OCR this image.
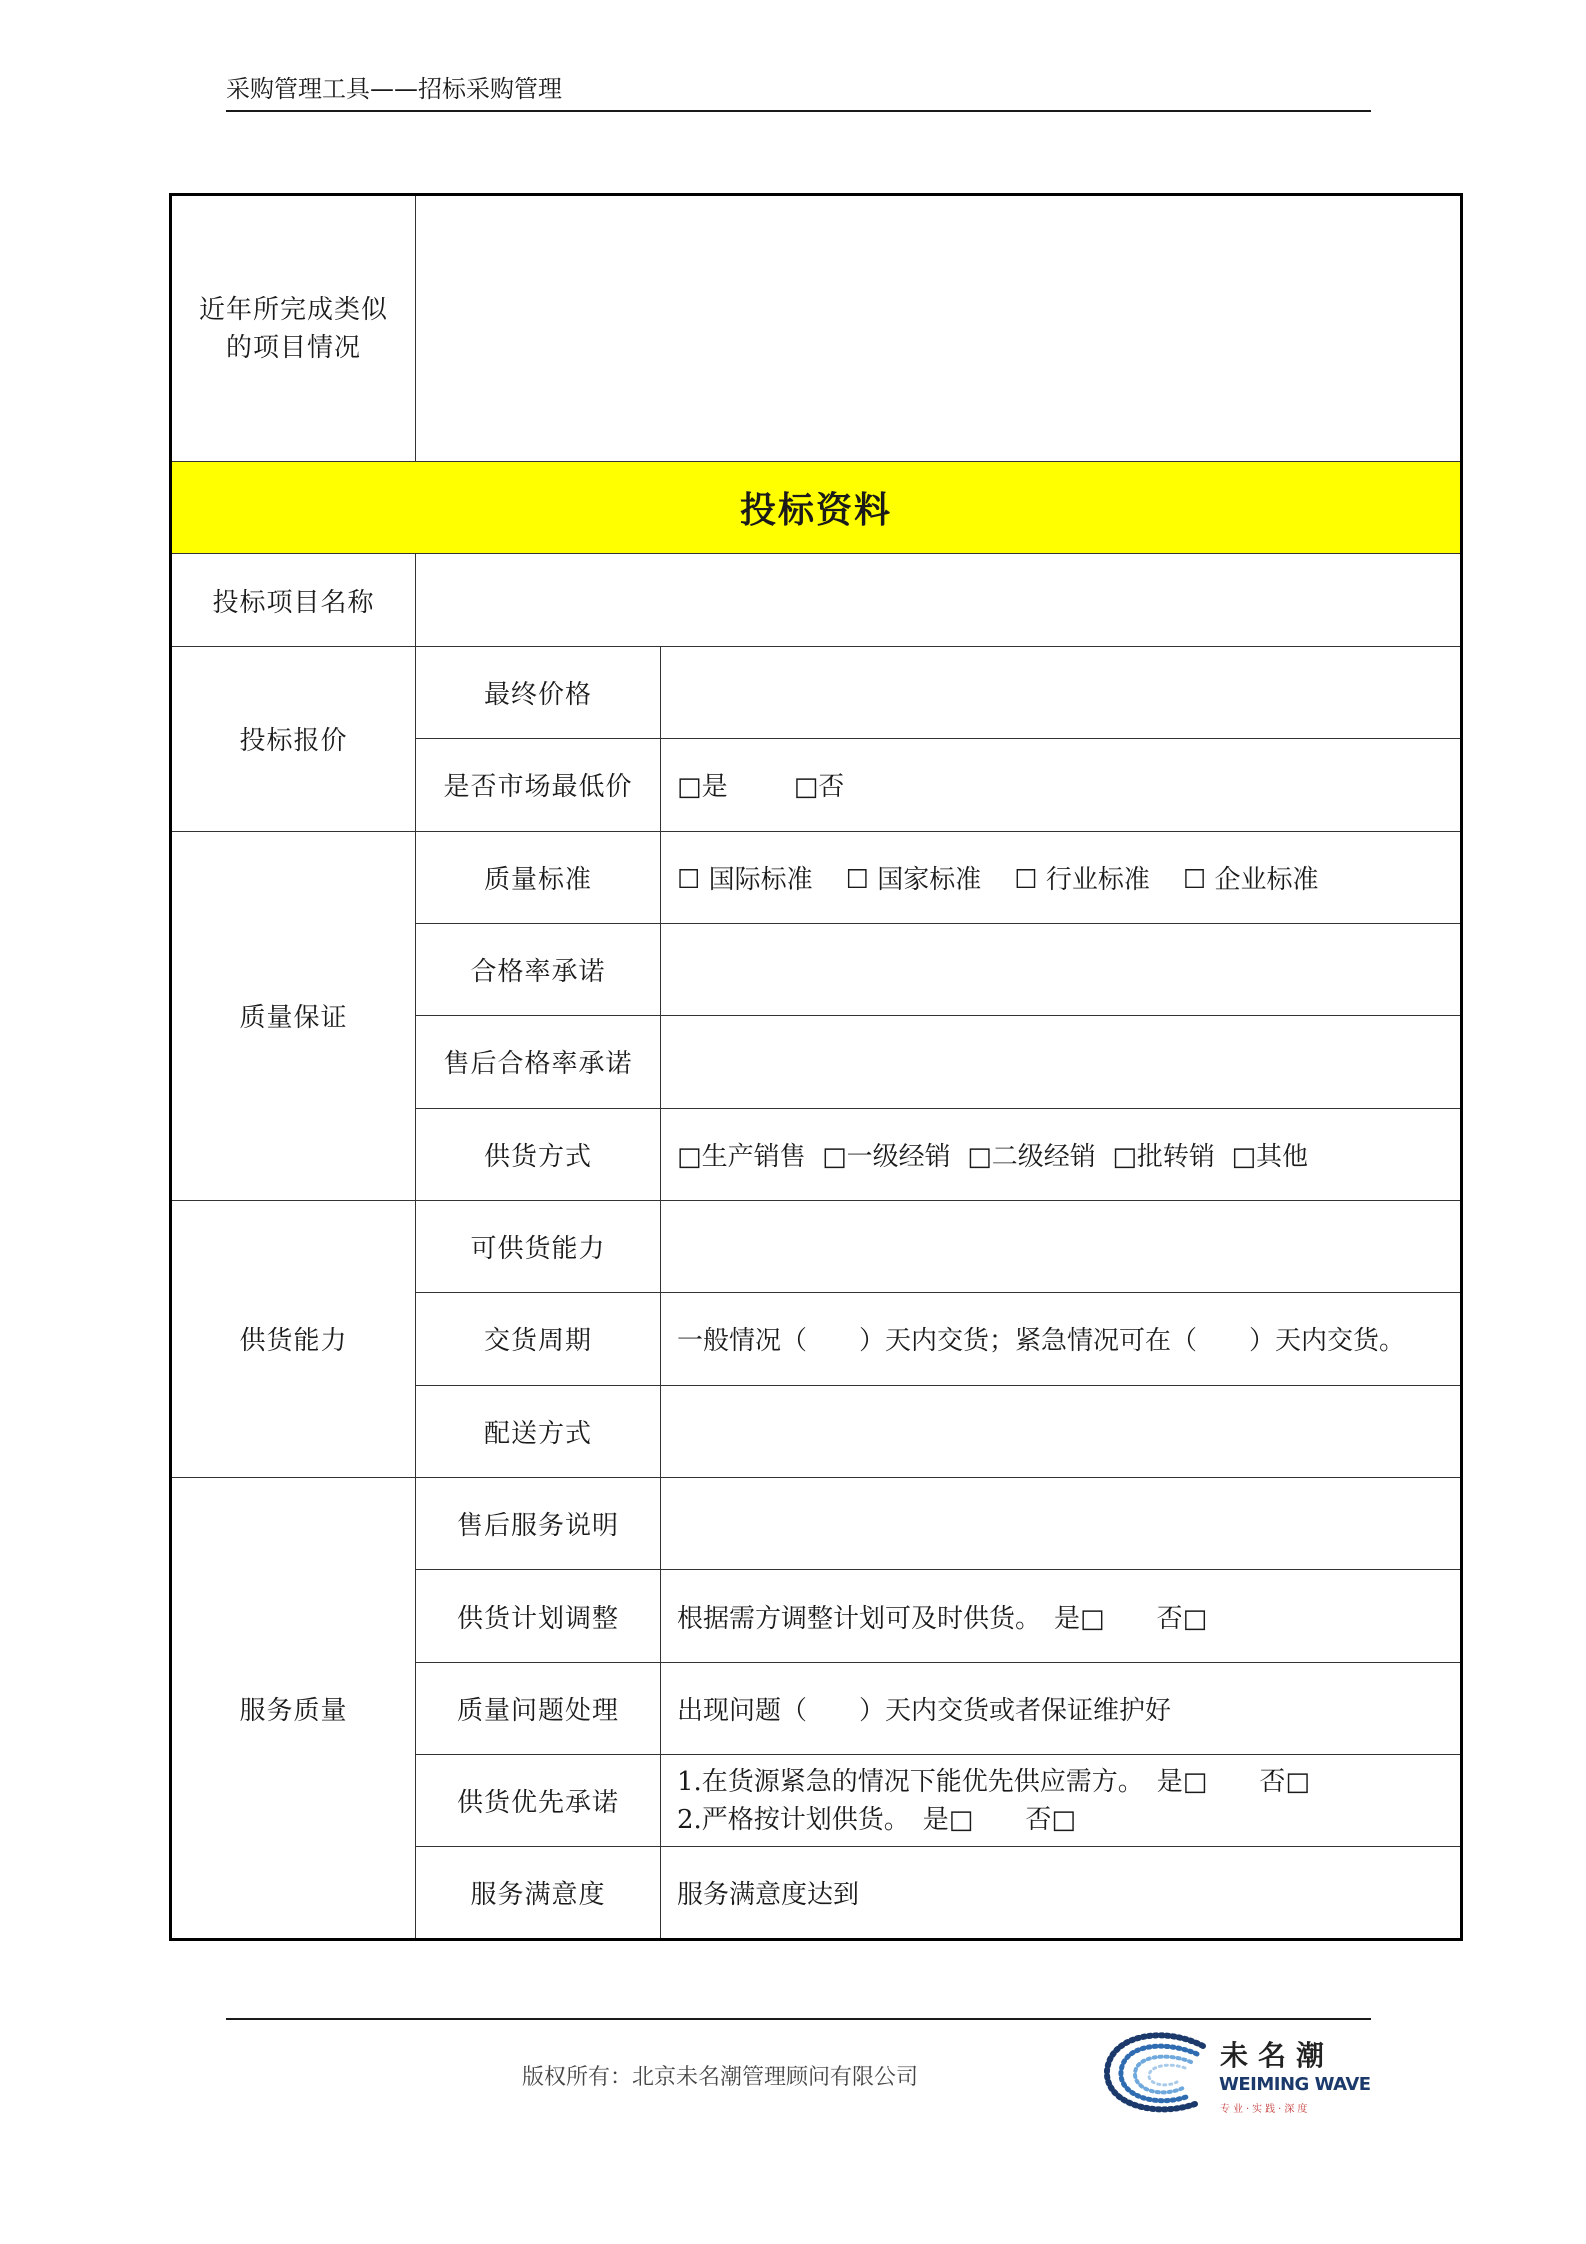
采购管理工具——招标采购管理
近年所完成类似
的项目情况		

投标资料		
投标项目名称		
投标报价	最终价格	
	是否市场最低价	□是 □否
质量保证	质量标准	☐ 国际标准 ☐ 国家标准 ☐ 行业标准 ☐ 企业标准
	合格率承诺	
	售后合格率承诺	
	供货方式	□生产销售 □一级经销 □二级经销 □批转销 □其他
供货能力	可供货能力	
	交货周期	一般情况（　　）天内交货；紧急情况可在（　　）天内交货。
	配送方式	
服务质量	售后服务说明	
	供货计划调整	根据需方调整计划可及时供货。　是□　　否□
	质量问题处理	出现问题（　　）天内交货或者保证维护好
	供货优先承诺	1.在货源紧急的情况下能优先供应需方。　是□　　否□
2.严格按计划供货。　是□　　否□

	服务满意度	服务满意度达到
版权所有：北京未名潮管理顾问有限公司
未名潮
WEIMING WAVE
专业·实践·深度
